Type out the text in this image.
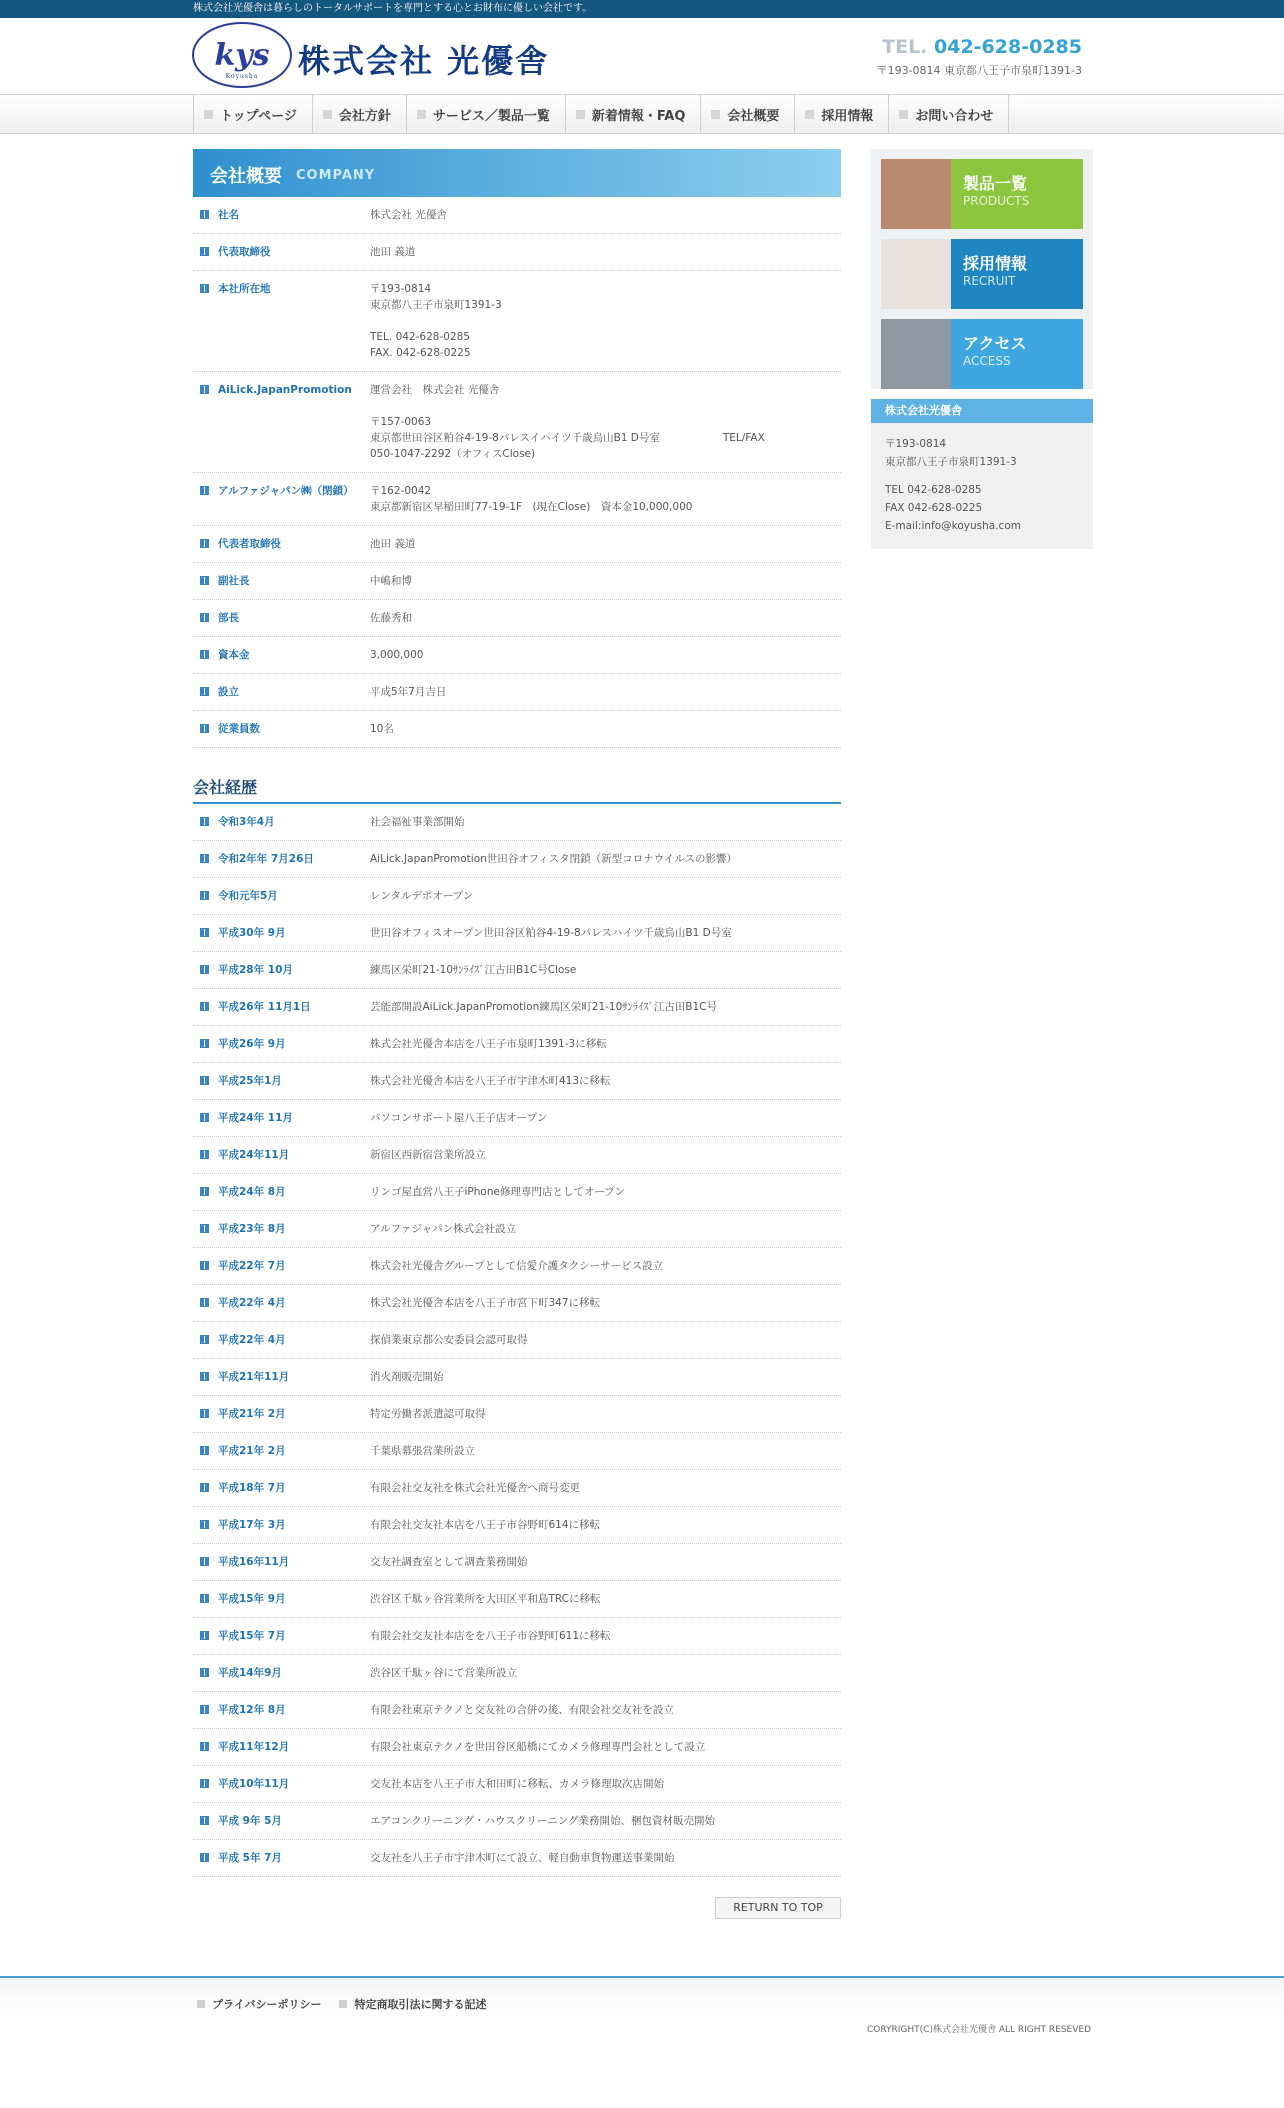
株式会社光優舎は暮らしのトータルサポートを専門とする心とお財布に優しい会社です。
kys
Koyusha 株式会社 光優舎	TEL. 042-628-0285
〒193-0814 東京都八王子市泉町1391-3
トップページ	会社方針	サービス／製品一覧	新着情報・FAQ	会社概要	採用情報	お問い合わせ
会社概要 COMPANY
社名	株式会社 光優舎
代表取締役	池田 義道
本社所在地	〒193-0814
東京都八王子市泉町1391-3
TEL. 042-628-0285
FAX. 042-628-0225
AiLick.JapanPromotion 運営会社　株式会社 光優舎
〒157-0063
東京都世田谷区粕谷4-19-8パレスイハイツ千歳烏山B1 D号室　　　　　　TEL/FAX
050-1047-2292（オフィスClose)
アルファジャパン㈱（閉鎖） 〒162-0042
東京都新宿区早稲田町77-19-1F　(現在Close)　資本金10,000,000
代表者取締役	池田 義道
副社長	中嶋和博
部長	佐藤秀和
資本金	3,000,000
設立	平成5年7月吉日
従業員数	10名
会社経歴
令和3年4月	社会福祉事業部開始
令和2年年 7月26日	AiLick.JapanPromotion世田谷オフィスタ閉鎖（新型コロナウイルスの影響）
令和元年5月	レンタルデポオープン
平成30年 9月	世田谷オフィスオープン世田谷区粕谷4-19-8パレスハイツ千歳烏山B1 D号室
平成28年 10月	練馬区栄町21-10ｻﾝﾗｲｽﾞ江古田B1C号Close
平成26年 11月1日	芸能部開設AiLick.JapanPromotion練馬区栄町21-10ｻﾝﾗｲｽﾞ江古田B1C号
平成26年 9月	株式会社光優舎本店を八王子市泉町1391-3に移転
平成25年1月	株式会社光優舎本店を八王子市宇津木町413に移転
平成24年 11月	パソコンサポート屋八王子店オープン
平成24年11月	新宿区西新宿営業所設立
平成24年 8月	リンゴ屋直営八王子iPhone修理専門店としてオープン
平成23年 8月	アルファジャパン株式会社設立
平成22年 7月	株式会社光優舎グループとして信愛介護タクシーサービス設立
平成22年 4月	株式会社光優舎本店を八王子市宮下町347に移転
平成22年 4月	探偵業東京都公安委員会認可取得
平成21年11月	消火剤販売開始
平成21年 2月	特定労働者派遣認可取得
平成21年 2月	千葉県幕張営業所設立
平成18年 7月	有限会社交友社を株式会社光優舎へ商号変更
平成17年 3月	有限会社交友社本店を八王子市谷野町614に移転
平成16年11月	交友社調査室として調査業務開始
平成15年 9月	渋谷区千駄ヶ谷営業所を大田区平和島TRCに移転
平成15年 7月	有限会社交友社本店をを八王子市谷野町611に移転
平成14年9月	渋谷区千駄ヶ谷にて営業所設立
平成12年 8月	有限会社東京テクノと交友社の合併の後、有限会社交友社を設立
平成11年12月	有限会社東京テクノを世田谷区船橋にてカメラ修理専門会社として設立
平成10年11月	交友社本店を八王子市大和田町に移転、カメラ修理取次店開始
平成 9年 5月	エアコンクリーニング・ハウスクリーニング業務開始、梱包資材販売開始
平成 5年 7月	交友社を八王子市宇津木町にて設立、軽自動車貨物運送事業開始
RETURN TO TOP
製品一覧
PRODUCTS
採用情報
RECRUIT
アクセス
ACCESS
株式会社光優舎
〒193-0814
東京都八王子市泉町1391-3
TEL 042-628-0285
FAX 042-628-0225
E-mail:info@koyusha.com
プライバシーポリシー	特定商取引法に関する記述
CORYRIGHT(C)株式会社光優舎 ALL RIGHT RESEVED
